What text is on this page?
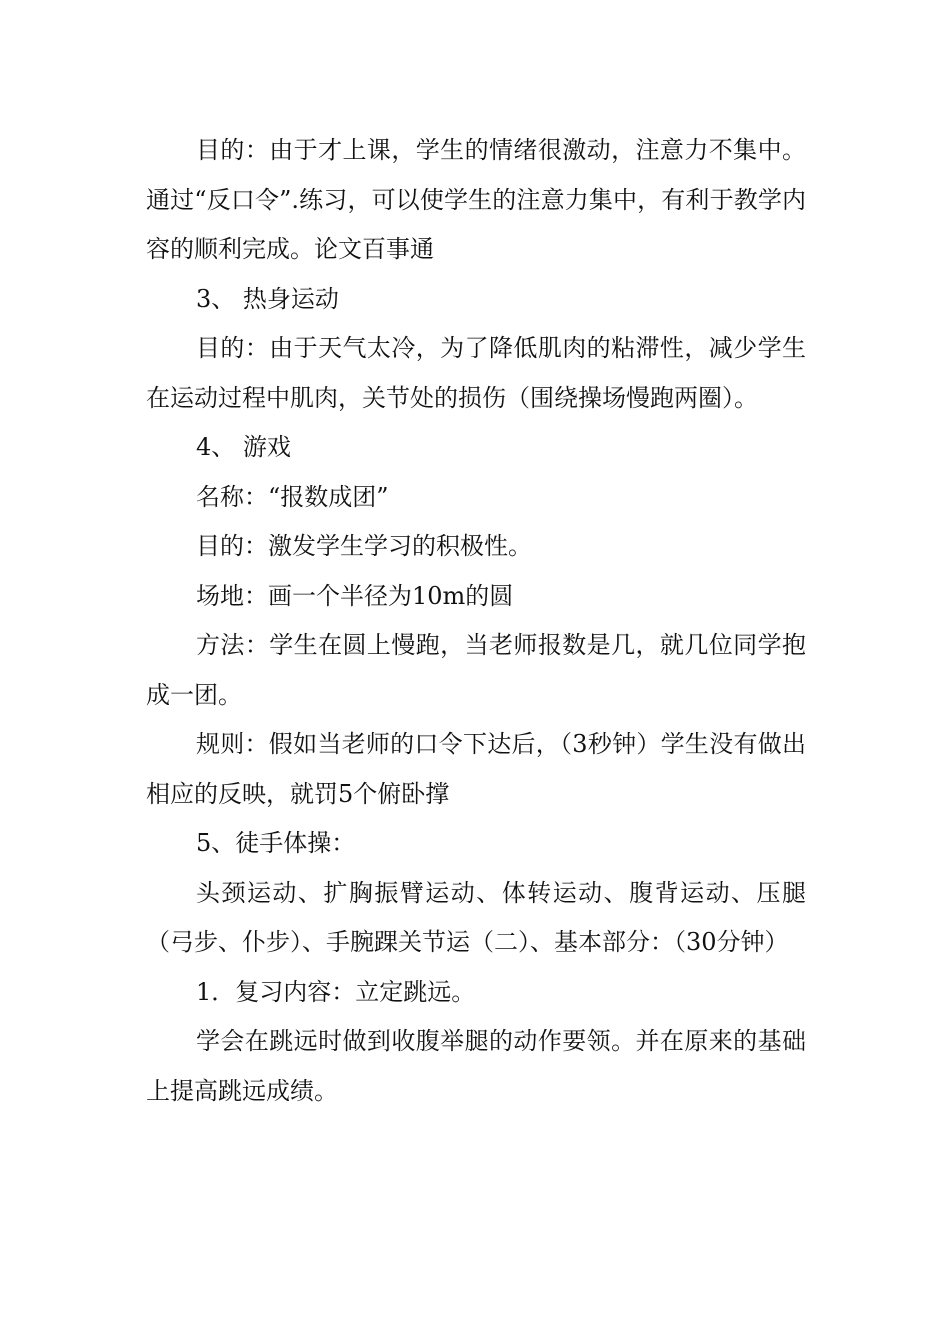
目的：由于才上课，学生的情绪很激动，注意力不集中。通过“反口令”.练习，可以使学生的注意力集中，有利于教学内容的顺利完成。论文百事通

3、 热身运动

目的：由于天气太冷，为了降低肌肉的粘滞性，减少学生在运动过程中肌肉，关节处的损伤（围绕操场慢跑两圈）。

4、 游戏

名称：“报数成团”

目的：激发学生学习的积极性。

场地：画一个半径为10m的圆

方法：学生在圆上慢跑，当老师报数是几，就几位同学抱成一团。

规则：假如当老师的口令下达后，（3秒钟）学生没有做出相应的反映，就罚5个俯卧撑

5、徒手体操：

头颈运动、扩胸振臂运动、体转运动、腹背运动、压腿（弓步、仆步）、手腕踝关节运（二）、基本部分：（30分钟）

1．复习内容：立定跳远。

学会在跳远时做到收腹举腿的动作要领。并在原来的基础上提高跳远成绩。
